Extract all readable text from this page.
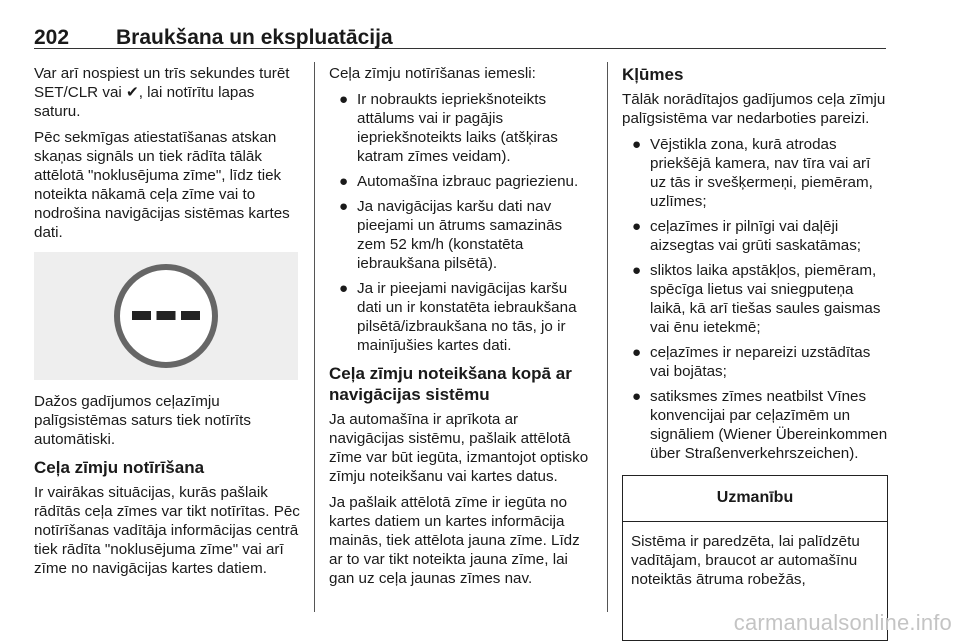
202 Braukšana un ekspluatācija

Var arī nospiest un trīs sekundes turēt SET/CLR vai ✔, lai notīrītu lapas saturu.

Pēc sekmīgas atiestatīšanas atskan skaņas signāls un tiek rādīta tālāk attēlotā "noklusējuma zīme", līdz tiek noteikta nākamā ceļa zīme vai to nodrošina navigācijas sistēmas kartes dati.

Dažos gadījumos ceļazīmju palīgsistēmas saturs tiek notīrīts automātiski.

Ceļa zīmju notīrīšana

Ir vairākas situācijas, kurās pašlaik rādītās ceļa zīmes var tikt notīrītas. Pēc notīrīšanas vadītāja informācijas centrā tiek rādīta "noklusējuma zīme" vai arī zīme no navigācijas kartes datiem.

Ceļa zīmju notīrīšanas iemesli:

● Ir nobraukts iepriekšnoteikts attālums vai ir pagājis iepriekšnoteikts laiks (atšķiras katram zīmes veidam).
● Automašīna izbrauc pagriezienu.
● Ja navigācijas karšu dati nav pieejami un ātrums samazinās zem 52 km/h (konstatēta iebraukšana pilsētā).
● Ja ir pieejami navigācijas karšu dati un ir konstatēta iebraukšana pilsētā/izbraukšana no tās, jo ir mainījušies kartes dati.
Ceļa zīmju noteikšana kopā ar navigācijas sistēmu

Ja automašīna ir aprīkota ar navigācijas sistēmu, pašlaik attēlotā zīme var būt iegūta, izmantojot optisko zīmju noteikšanu vai kartes datus.

Ja pašlaik attēlotā zīme ir iegūta no kartes datiem un kartes informācija mainās, tiek attēlota jauna zīme. Līdz ar to var tikt noteikta jauna zīme, lai gan uz ceļa jaunas zīmes nav.

Kļūmes

Tālāk norādītajos gadījumos ceļa zīmju palīgsistēma var nedarboties pareizi.

● Vējstikla zona, kurā atrodas priekšējā kamera, nav tīra vai arī uz tās ir svešķermeņi, piemēram, uzlīmes;
● ceļazīmes ir pilnīgi vai daļēji aizsegtas vai grūti saskatāmas;
● sliktos laika apstākļos, piemēram, spēcīga lietus vai sniegputeņa laikā, kā arī tiešas saules gaismas vai ēnu ietekmē;
● ceļazīmes ir nepareizi uzstādītas vai bojātas;
● satiksmes zīmes neatbilst Vīnes konvencijai par ceļazīmēm un signāliem (Wiener Übereinkommen über Straßenverkehrszeichen).
Uzmanību
Sistēma ir paredzēta, lai palīdzētu vadītājam, braucot ar automašīnu noteiktās ātruma robežās,
carmanualsonline.info
